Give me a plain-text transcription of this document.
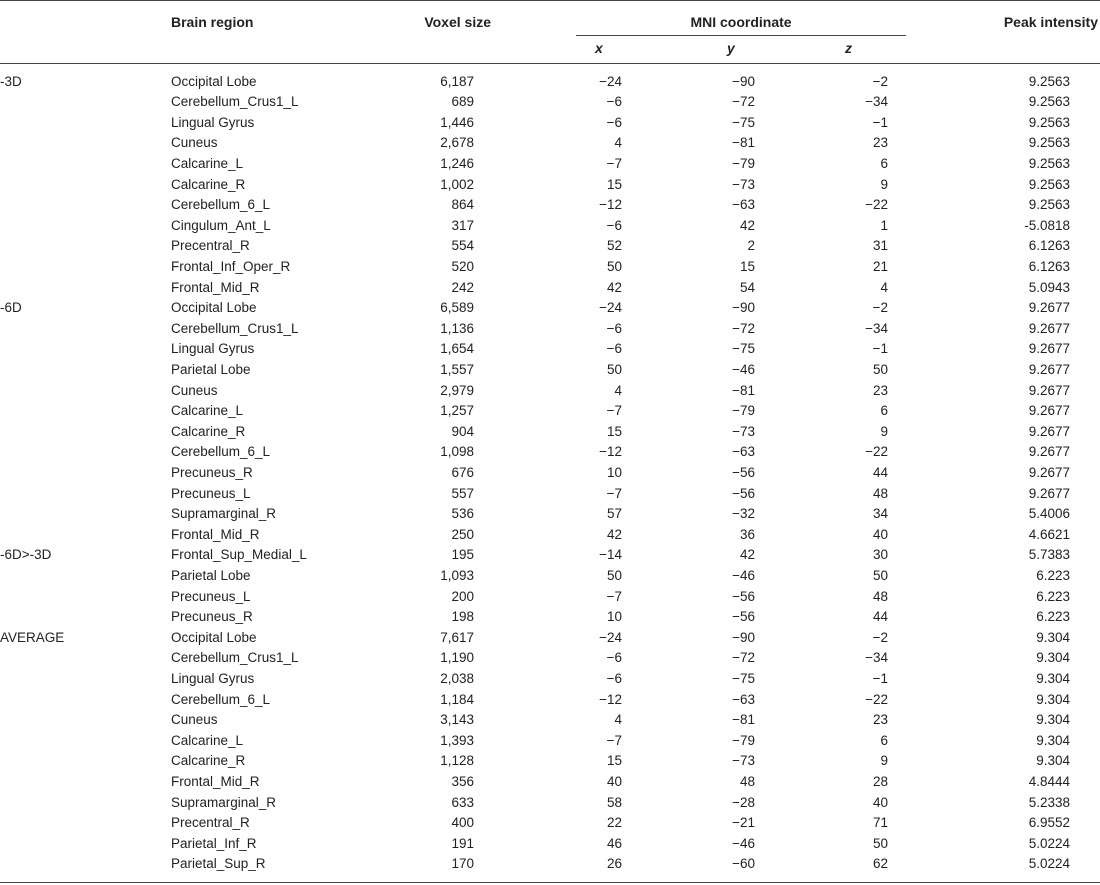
Brain region	Voxel size	MNI coordinate	Peak intensity
x	y	z
-3D	Occipital Lobe	6,187	−24	−90	−2	9.2563
Cerebellum_Crus1_L	689	−6	−72	−34	9.2563
Lingual Gyrus	1,446	−6	−75	−1	9.2563
Cuneus	2,678	4	−81	23	9.2563
Calcarine_L	1,246	−7	−79	6	9.2563
Calcarine_R	1,002	15	−73	9	9.2563
Cerebellum_6_L	864	−12	−63	−22	9.2563
Cingulum_Ant_L	317	−6	42	1	-5.0818
Precentral_R	554	52	2	31	6.1263
Frontal_Inf_Oper_R	520	50	15	21	6.1263
Frontal_Mid_R	242	42	54	4	5.0943
-6D	Occipital Lobe	6,589	−24	−90	−2	9.2677
Cerebellum_Crus1_L	1,136	−6	−72	−34	9.2677
Lingual Gyrus	1,654	−6	−75	−1	9.2677
Parietal Lobe	1,557	50	−46	50	9.2677
Cuneus	2,979	4	−81	23	9.2677
Calcarine_L	1,257	−7	−79	6	9.2677
Calcarine_R	904	15	−73	9	9.2677
Cerebellum_6_L	1,098	−12	−63	−22	9.2677
Precuneus_R	676	10	−56	44	9.2677
Precuneus_L	557	−7	−56	48	9.2677
Supramarginal_R	536	57	−32	34	5.4006
Frontal_Mid_R	250	42	36	40	4.6621
-6D>-3D	Frontal_Sup_Medial_L	195	−14	42	30	5.7383
Parietal Lobe	1,093	50	−46	50	6.223
Precuneus_L	200	−7	−56	48	6.223
Precuneus_R	198	10	−56	44	6.223
AVERAGE	Occipital Lobe	7,617	−24	−90	−2	9.304
Cerebellum_Crus1_L	1,190	−6	−72	−34	9.304
Lingual Gyrus	2,038	−6	−75	−1	9.304
Cerebellum_6_L	1,184	−12	−63	−22	9.304
Cuneus	3,143	4	−81	23	9.304
Calcarine_L	1,393	−7	−79	6	9.304
Calcarine_R	1,128	15	−73	9	9.304
Frontal_Mid_R	356	40	48	28	4.8444
Supramarginal_R	633	58	−28	40	5.2338
Precentral_R	400	22	−21	71	6.9552
Parietal_Inf_R	191	46	−46	50	5.0224
Parietal_Sup_R	170	26	−60	62	5.0224
